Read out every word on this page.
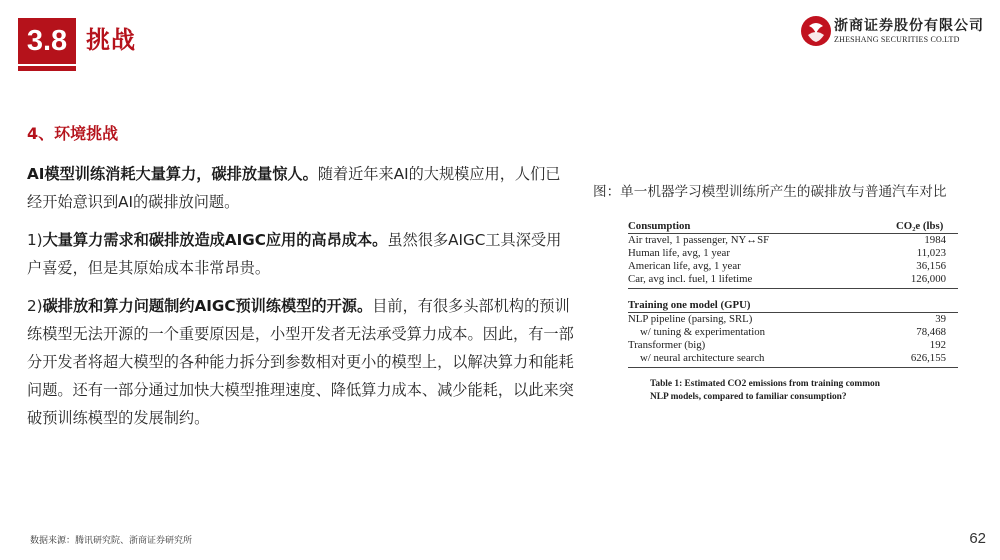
3.8 挑战	浙商证券股份有限公司
ZHESHANG SECURITIES CO.LTD
4、环境挑战

AI模型训练消耗大量算力，碳排放量惊人。随着近年来AI的大规模应用，人们已经开始意识到AI的碳排放问题。

1)大量算力需求和碳排放造成AIGC应用的高昂成本。虽然很多AIGC工具深受用户喜爱，但是其原始成本非常昂贵。

2)碳排放和算力问题制约AIGC预训练模型的开源。目前，有很多头部机构的预训练模型无法开源的一个重要原因是，小型开发者无法承受算力成本。因此，有一部分开发者将超大模型的各种能力拆分到参数相对更小的模型上，以解决算力和能耗问题。还有一部分通过加快大模型推理速度、降低算力成本、减少能耗，以此来突破预训练模型的发展制约。

图：单一机器学习模型训练所产生的碳排放与普通汽车对比
Consumption	CO₂e (lbs)
Air travel, 1 passenger, NY↔SF	1984
Human life, avg, 1 year	11,023
American life, avg, 1 year	36,156
Car, avg incl. fuel, 1 lifetime	126,000
Training one model (GPU)
NLP pipeline (parsing, SRL)	39
w/ tuning & experimentation	78,468
Transformer (big)	192
w/ neural architecture search	626,155
Table 1: Estimated CO2 emissions from training common NLP models, compared to familiar consumption?
数据来源：腾讯研究院、浙商证券研究所	62
